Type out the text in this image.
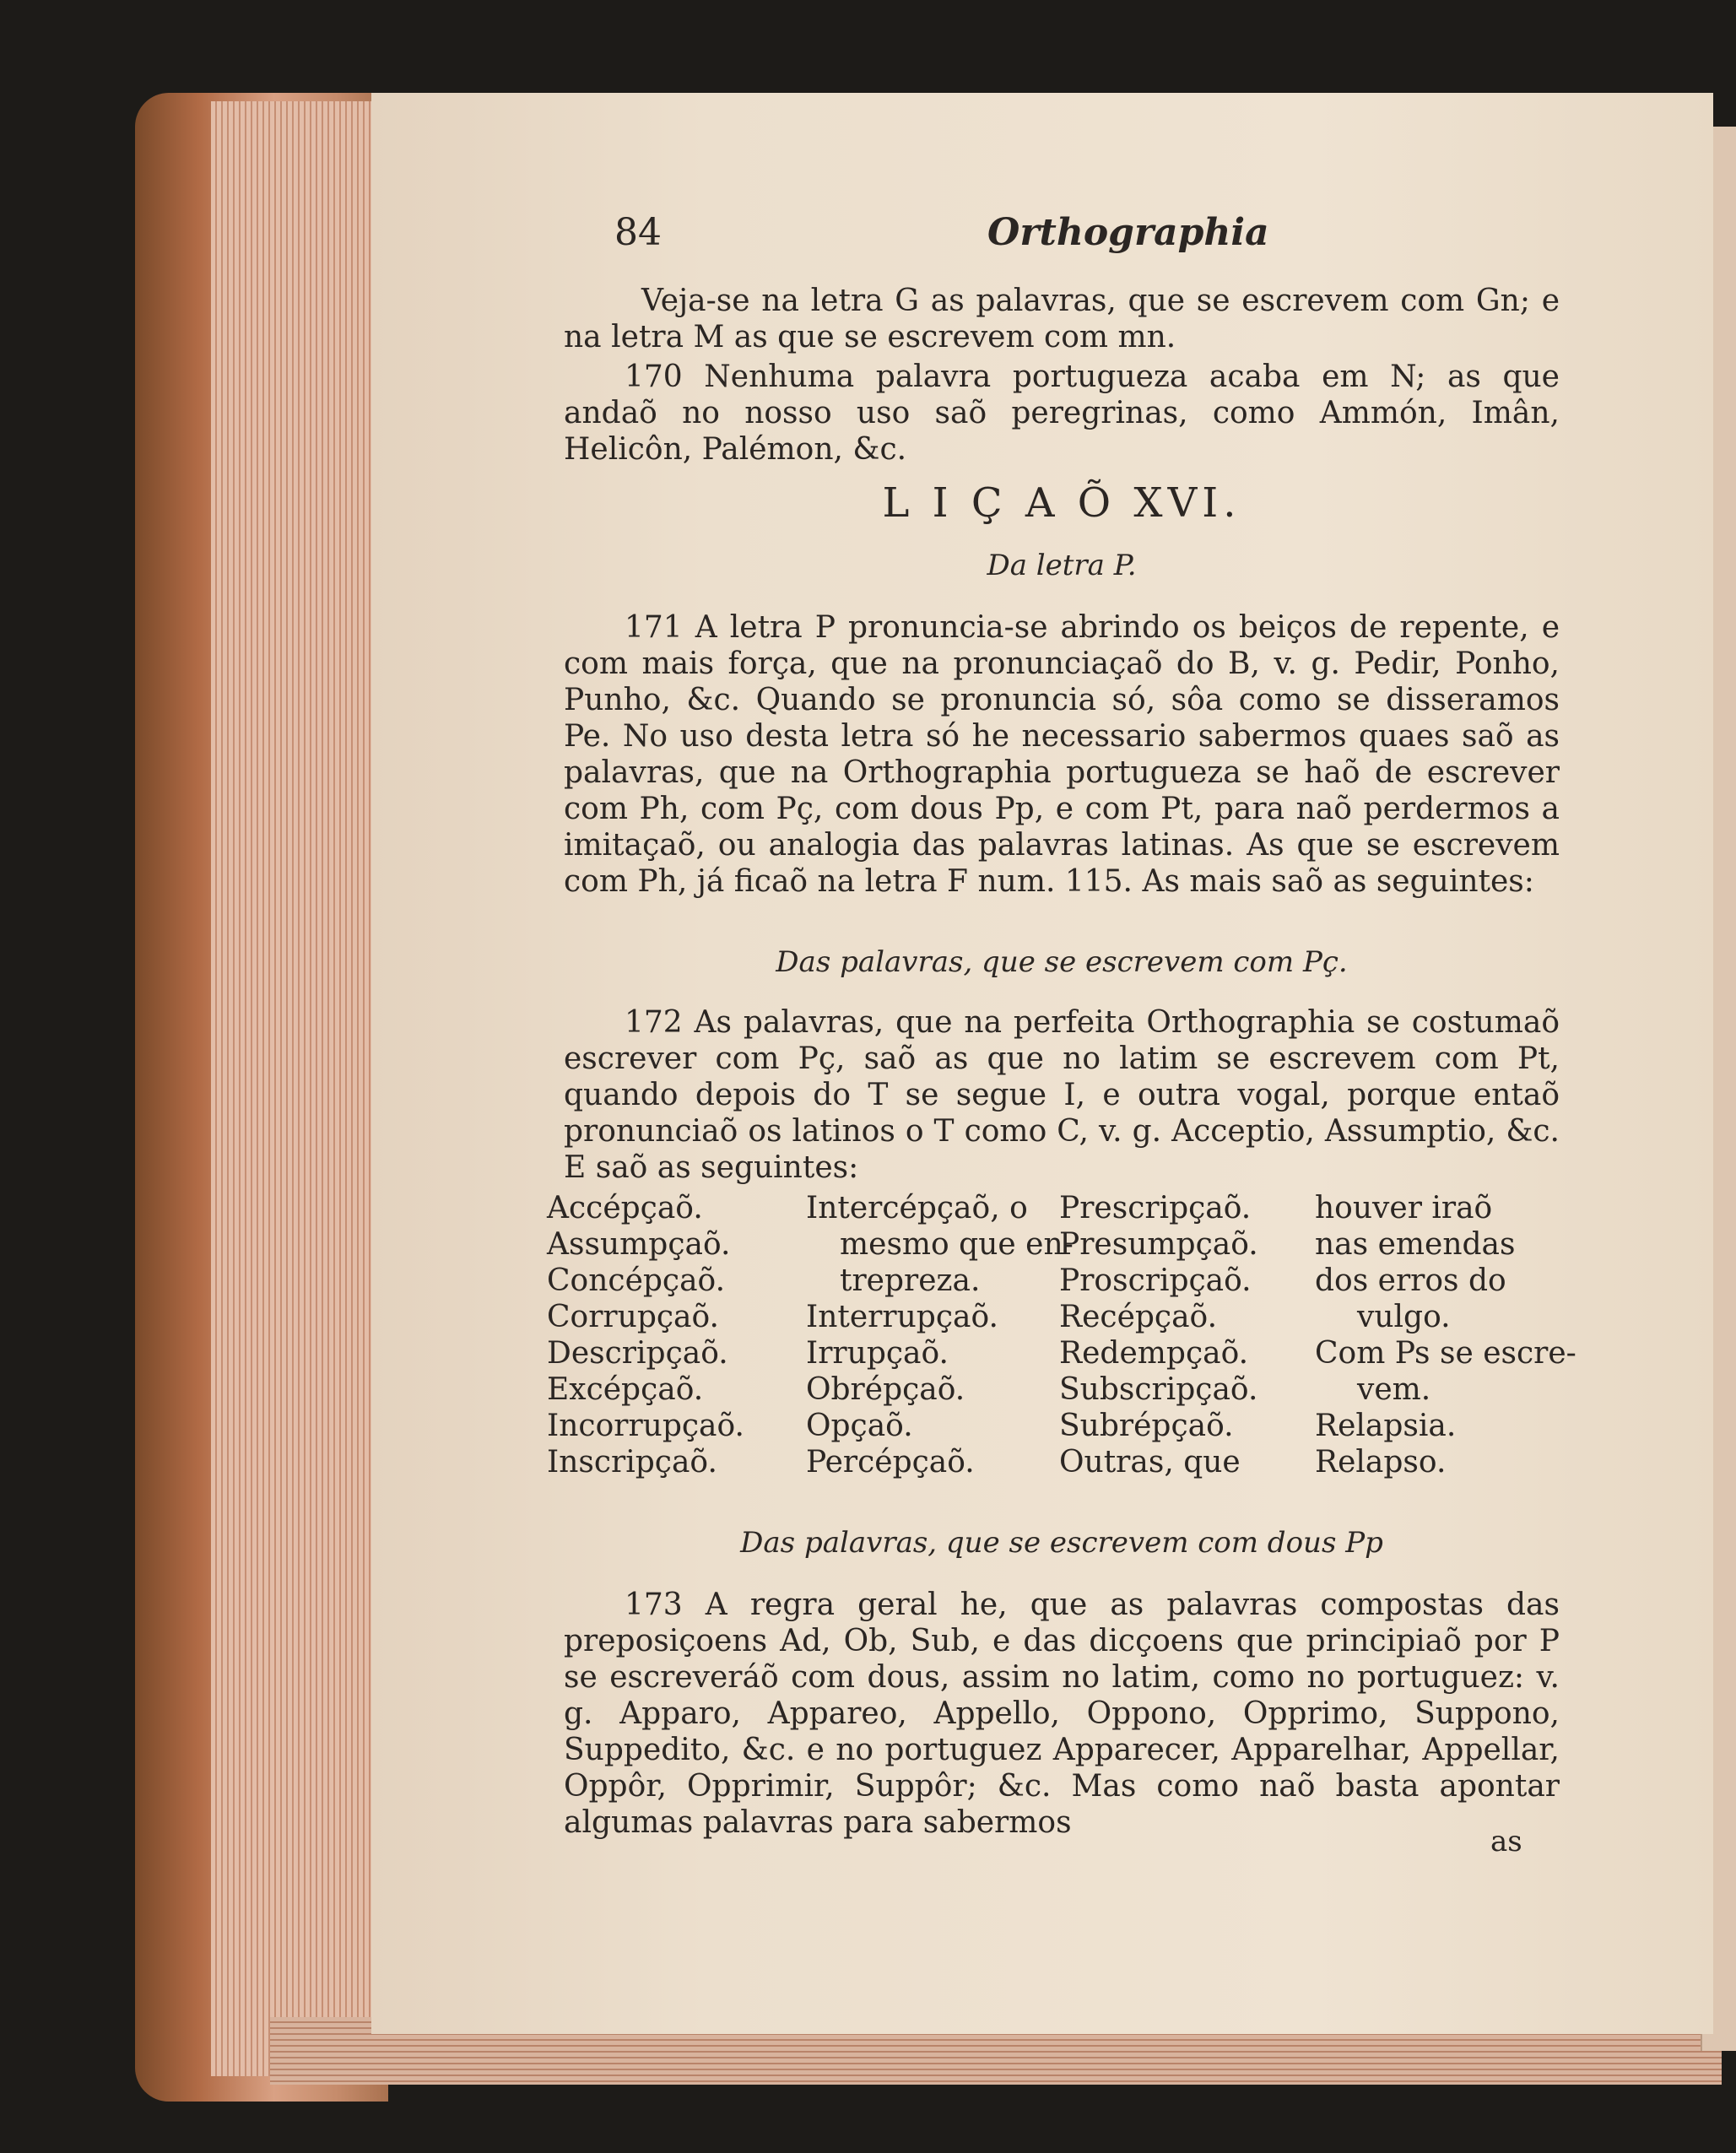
84	Orthographia
Veja-se na letra G as palavras, que se escrevem com Gn; e na letra M as que se escrevem com mn.
170 Nenhuma palavra portugueza acaba em N; as que andaõ no nosso uso saõ peregrinas, como Ammón, Imân, Helicôn, Palémon, &c.
L I Ç A Õ XVI.
Da letra P.
171 A letra P pronuncia-se abrindo os beiços de repente, e com mais força, que na pronunciaçaõ do B, v. g. Pedir, Ponho, Punho, &c. Quando se pronuncia só, sôa como se disseramos Pe. No uso desta letra só he necessario sabermos quaes saõ as palavras, que na Orthographia portugueza se haõ de escrever com Ph, com Pç, com dous Pp, e com Pt, para naõ perdermos a imitaçaõ, ou analogia das palavras latinas. As que se escrevem com Ph, já ficaõ na letra F num. 115. As mais saõ as seguintes:
Das palavras, que se escrevem com Pç.
172 As palavras, que na perfeita Orthographia se costumaõ escrever com Pç, saõ as que no latim se escrevem com Pt, quando depois do T se segue I, e outra vogal, porque entaõ pronunciaõ os latinos o T como C, v. g. Acceptio, Assumptio, &c. E saõ as seguintes:
Accépçaõ.
Assumpçaõ.
Concépçaõ.
Corrupçaõ.
Descripçaõ.
Excépçaõ.
Incorrupçaõ.
Inscripçaõ.
Intercépçaõ, o
mesmo que en-
trepreza.
Interrupçaõ.
Irrupçaõ.
Obrépçaõ.
Opçaõ.
Percépçaõ.
Prescripçaõ.
Presumpçaõ.
Proscripçaõ.
Recépçaõ.
Redempçaõ.
Subscripçaõ.
Subrépçaõ.
Outras, que
houver iraõ
nas emendas
dos erros do
vulgo.
Com Ps se escre-
vem.
Relapsia.
Relapso.
Das palavras, que se escrevem com dous Pp
173 A regra geral he, que as palavras compostas das preposiçoens Ad, Ob, Sub, e das dicçoens que principiaõ por P se escreveráõ com dous, assim no latim, como no portuguez: v. g. Apparo, Appareo, Appello, Oppono, Opprimo, Suppono, Suppedito, &c. e no portuguez Apparecer, Apparelhar, Appellar, Oppôr, Opprimir, Suppôr; &c. Mas como naõ basta apontar algumas palavras para sabermos
as
